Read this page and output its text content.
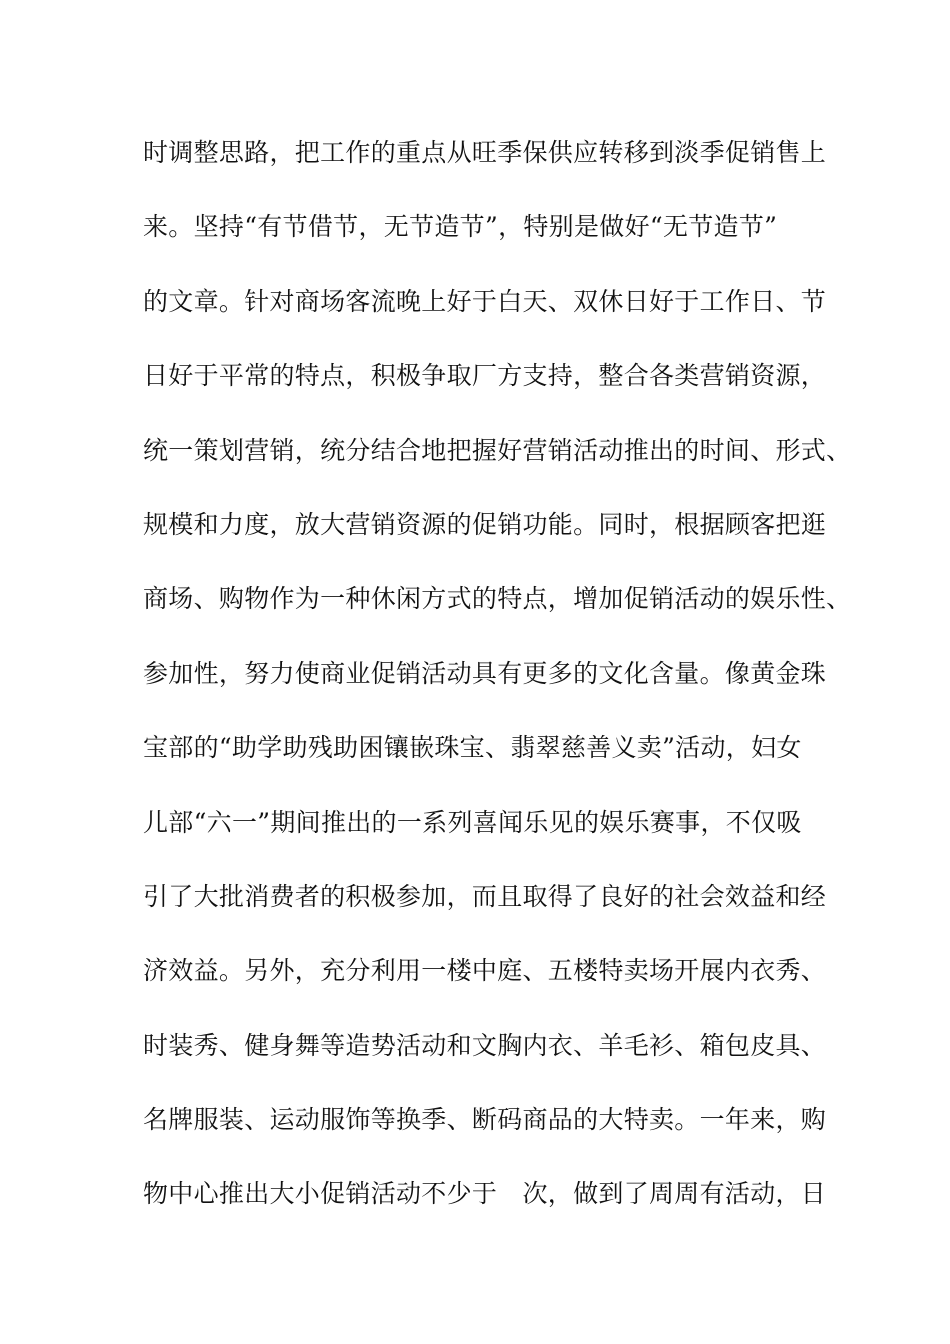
时调整思路，把工作的重点从旺季保供应转移到淡季促销售上
来。坚持“有节借节，无节造节”，特别是做好“无节造节”
的文章。针对商场客流晚上好于白天、双休日好于工作日、节
日好于平常的特点，积极争取厂方支持，整合各类营销资源，
统一策划营销，统分结合地把握好营销活动推出的时间、形式、
规模和力度，放大营销资源的促销功能。同时，根据顾客把逛
商场、购物作为一种休闲方式的特点，增加促销活动的娱乐性、
参加性，努力使商业促销活动具有更多的文化含量。像黄金珠
宝部的“助学助残助困镶嵌珠宝、翡翠慈善义卖”活动，妇女
儿部“六一”期间推出的一系列喜闻乐见的娱乐赛事，不仅吸
引了大批消费者的积极参加，而且取得了良好的社会效益和经
济效益。另外，充分利用一楼中庭、五楼特卖场开展内衣秀、
时装秀、健身舞等造势活动和文胸内衣、羊毛衫、箱包皮具、
名牌服装、运动服饰等换季、断码商品的大特卖。一年来，购
物中心推出大小促销活动不少于　次，做到了周周有活动，日
